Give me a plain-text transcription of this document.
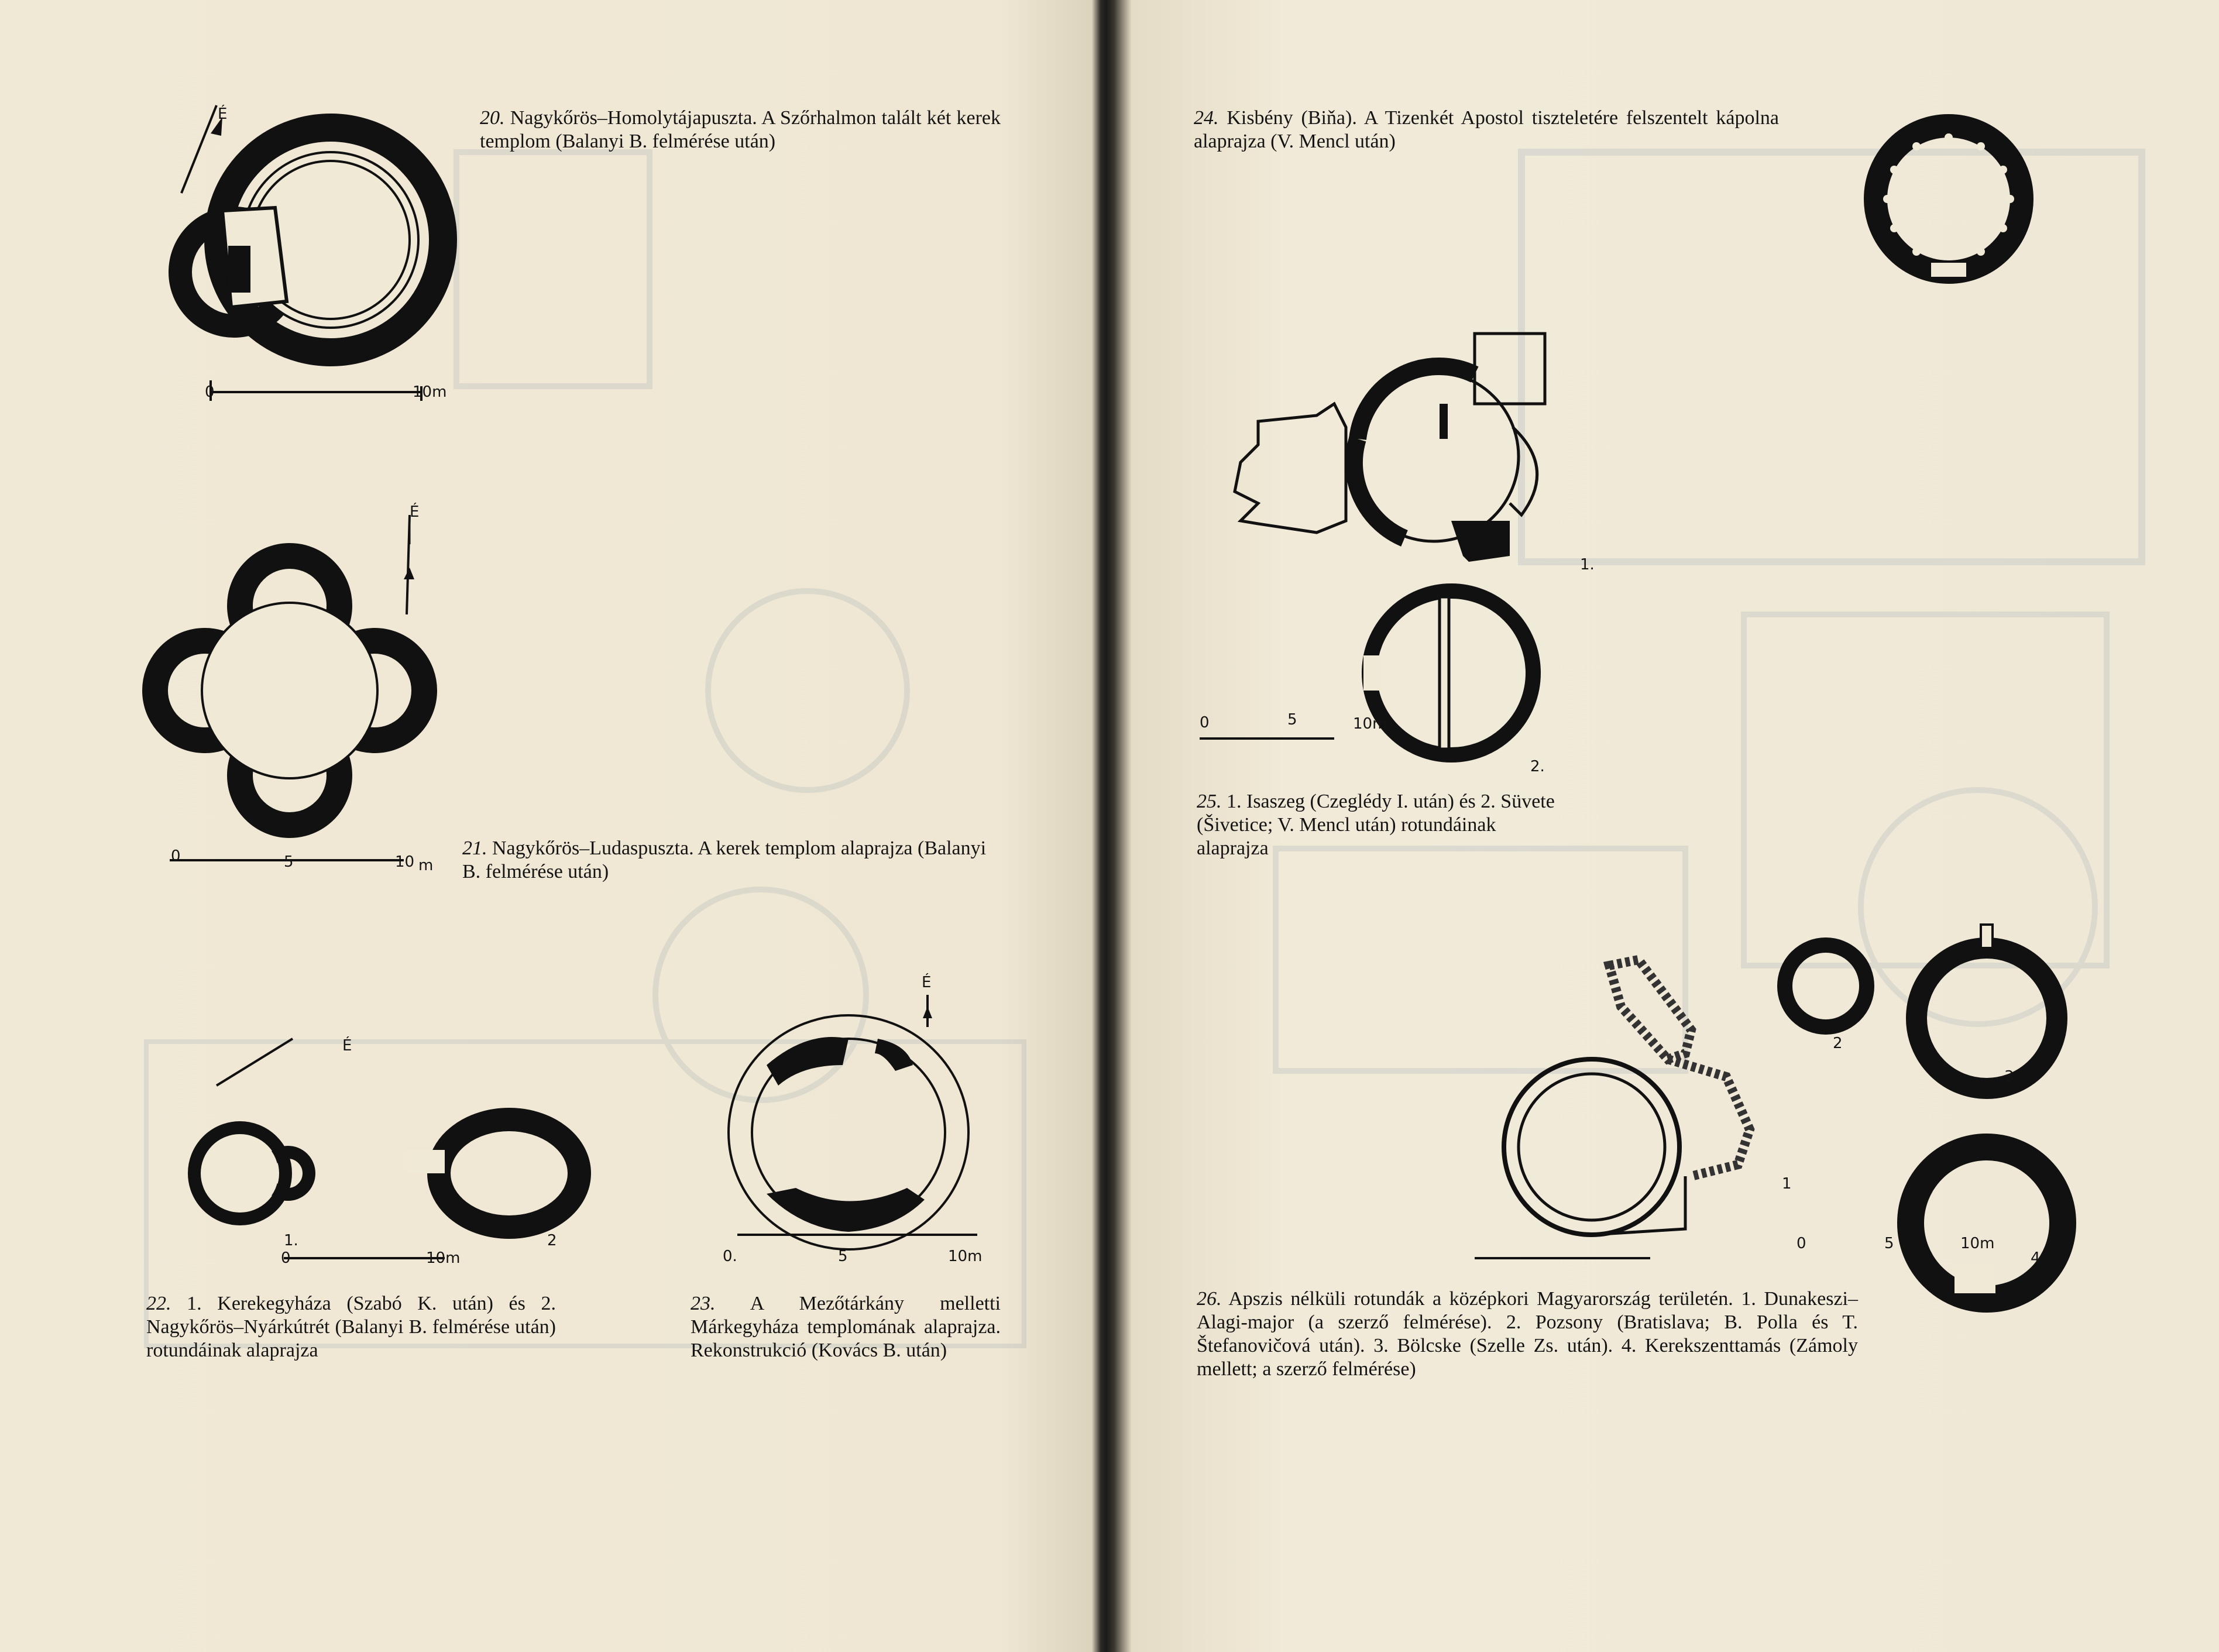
É
0	10m
20. Nagykőrös–Homolytájapuszta. A Szőrhalmon talált két kerek templom (Balanyi B. felmérése után)
É
0	5	10 m
21. Nagykőrös–Ludaspuszta. A kerek templom alaprajza (Balanyi B. felmérése után)
É
1.	2
0	10m
22. 1. Kerekegyháza (Szabó K. után) és 2. Nagykőrös–Nyárkútrét (Balanyi B. felmérése után) rotundáinak alaprajza
É
0.	5	10m
23. A Mezőtárkány melletti Márkegyháza templomának alaprajza. Rekonstrukció (Kovács B. után)
24. Kisbény (Biňa). A Tizenkét Apostol tiszteletére felszentelt kápolna alaprajza (V. Mencl után)
1.
2.
0	5	10m
25. 1. Isaszeg (Czeglédy I. után) és 2. Süvete (Šivetice; V. Mencl után) rotundáinak alaprajza
1
2
3
4
0	5	10m
26. Apszis nélküli rotundák a középkori Magyarország területén. 1. Dunakeszi–Alagi-major (a szerző felmérése). 2. Pozsony (Bratislava; B. Polla és T. Štefanovičová után). 3. Bölcske (Szelle Zs. után). 4. Kerekszenttamás (Zámoly mellett; a szerző felmérése)
